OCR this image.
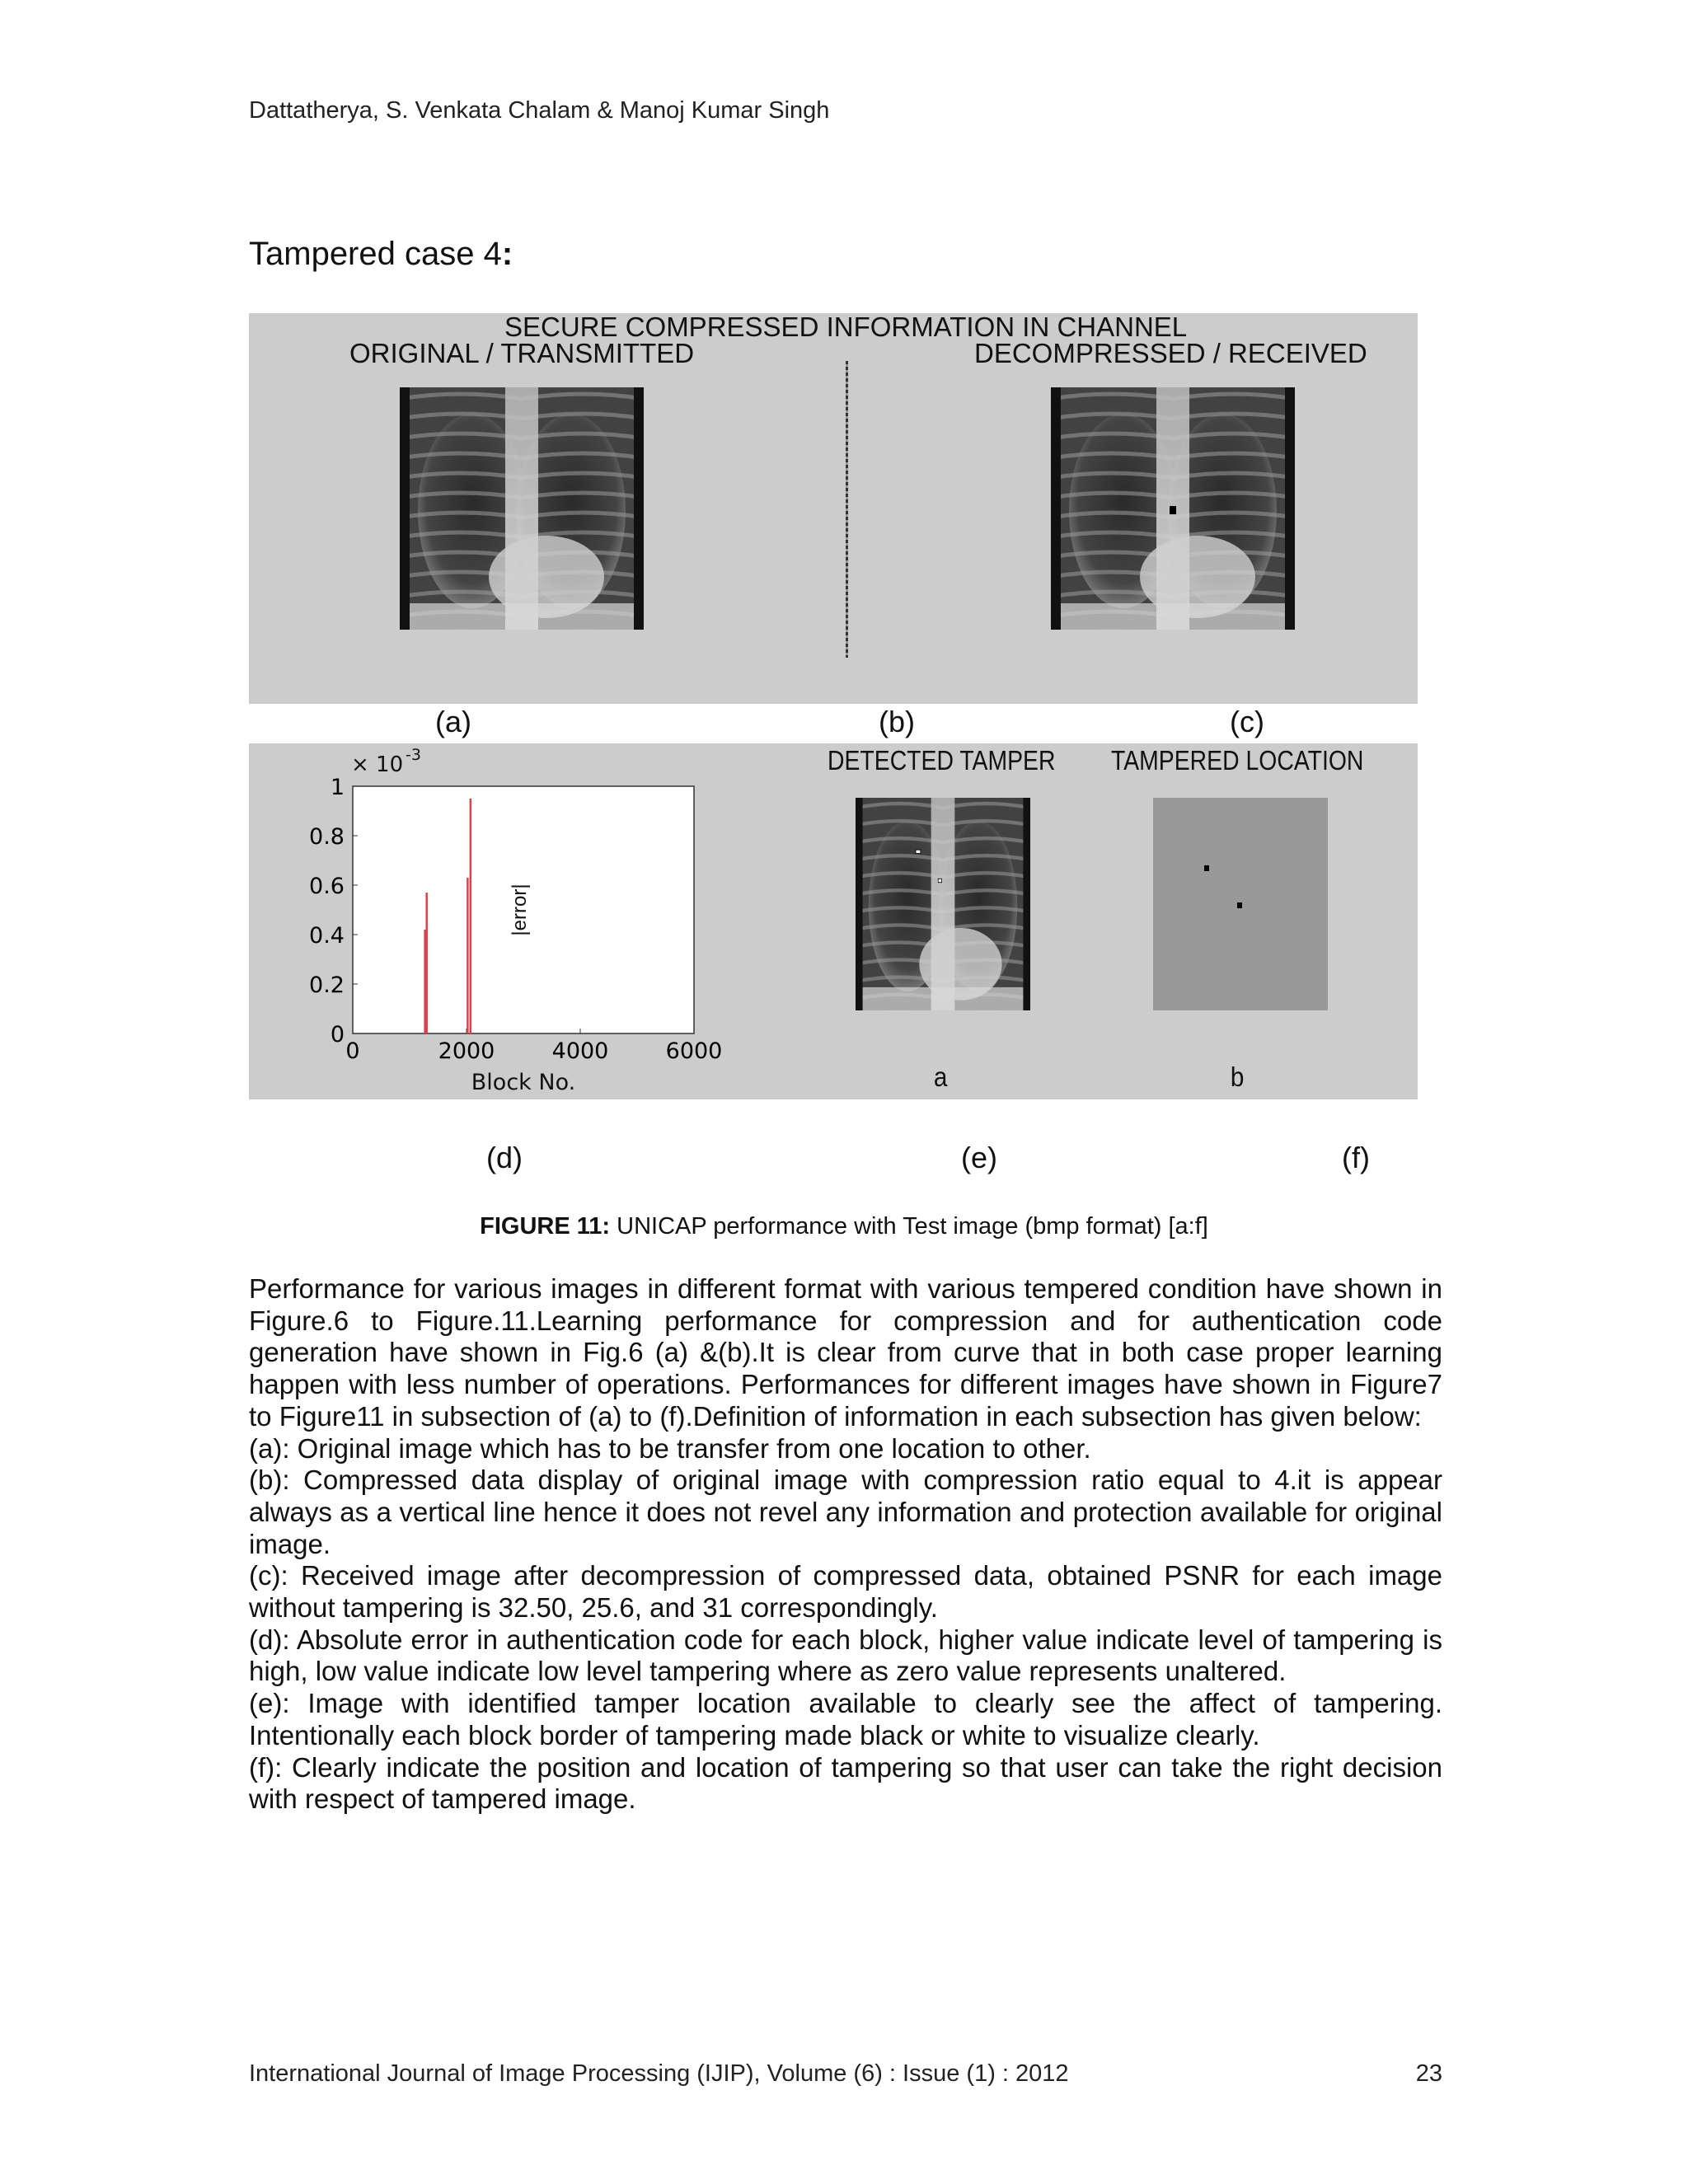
Dattatherya, S. Venkata Chalam & Manoj Kumar Singh
Tampered case 4:
SECURE COMPRESSED INFORMATION IN CHANNEL
ORIGINAL / TRANSMITTED	DECOMPRESSED / RECEIVED
(a)	(b)	(c)
0	2000	4000	6000
0
0.2
0.4
0.6
0.8
1
× 10 -3
Block No.
|error|
DETECTED TAMPER TAMPERED LOCATION
a	b
(d)	(e)	(f)
FIGURE 11: UNICAP performance with Test image (bmp format) [a:f]

Performance for various images in different format with various tempered condition have shown in Figure.6 to Figure.11.Learning performance for compression and for authentication code generation have shown in Fig.6 (a) &(b).It is clear from curve that in both case proper learning happen with less number of operations. Performances for different images have shown in Figure7 to Figure11 in subsection of (a) to (f).Definition of information in each subsection has given below:

(a): Original image which has to be transfer from one location to other.

(b): Compressed data display of original image with compression ratio equal to 4.it is appear always as a vertical line hence it does not revel any information and protection available for original image.

(c): Received image after decompression of compressed data, obtained PSNR for each image without tampering is 32.50, 25.6, and 31 correspondingly.

(d): Absolute error in authentication code for each block, higher value indicate level of tampering is high, low value indicate low level tampering where as zero value represents unaltered.

(e): Image with identified tamper location available to clearly see the affect of tampering. Intentionally each block border of tampering made black or white to visualize clearly.

(f): Clearly indicate the position and location of tampering so that user can take the right decision with respect of tampered image.

International Journal of Image Processing (IJIP), Volume (6) : Issue (1) : 2012	23
